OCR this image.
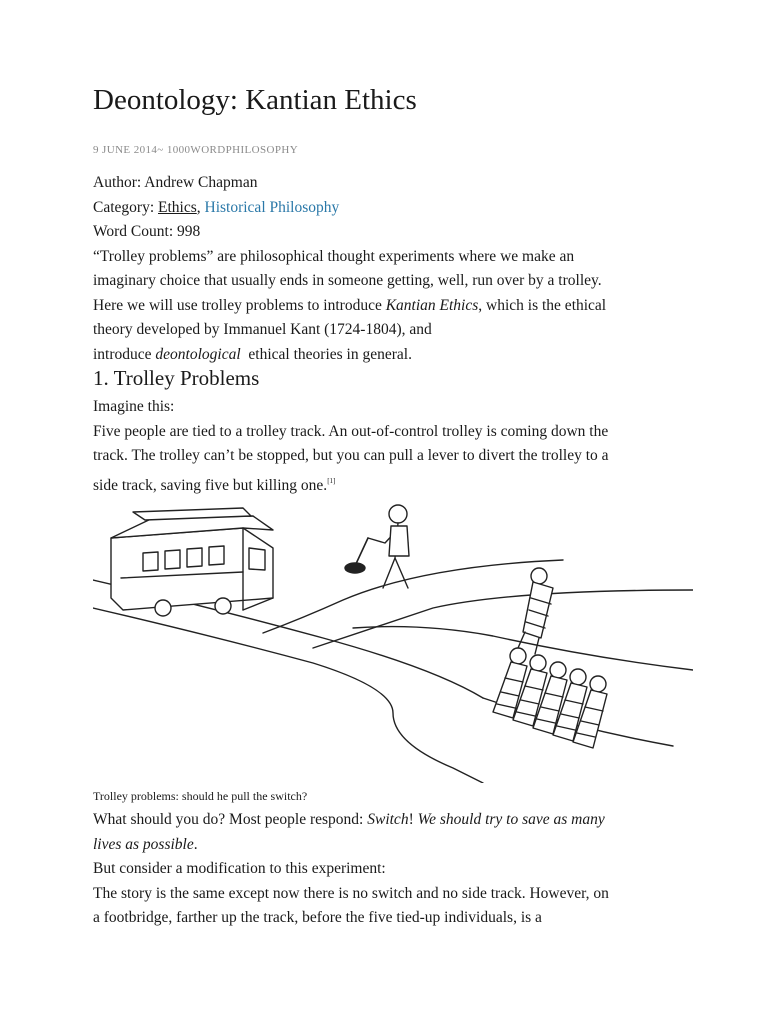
Deontology: Kantian Ethics
9 JUNE 2014~ 1000WORDPHILOSOPHY
Author: Andrew Chapman
Category: Ethics, Historical Philosophy
Word Count: 998
“Trolley problems” are philosophical thought experiments where we make an
imaginary choice that usually ends in someone getting, well, run over by a trolley.
Here we will use trolley problems to introduce Kantian Ethics, which is the ethical
theory developed by Immanuel Kant (1724-1804), and
introduce deontological  ethical theories in general.
1. Trolley Problems
Imagine this:
Five people are tied to a trolley track. An out-of-control trolley is coming down the
track. The trolley can’t be stopped, but you can pull a lever to divert the trolley to a
side track, saving five but killing one.[1]
Trolley problems: should he pull the switch?
What should you do? Most people respond: Switch! We should try to save as many
lives as possible.
But consider a modification to this experiment:
The story is the same except now there is no switch and no side track. However, on
a footbridge, farther up the track, before the five tied-up individuals, is a
